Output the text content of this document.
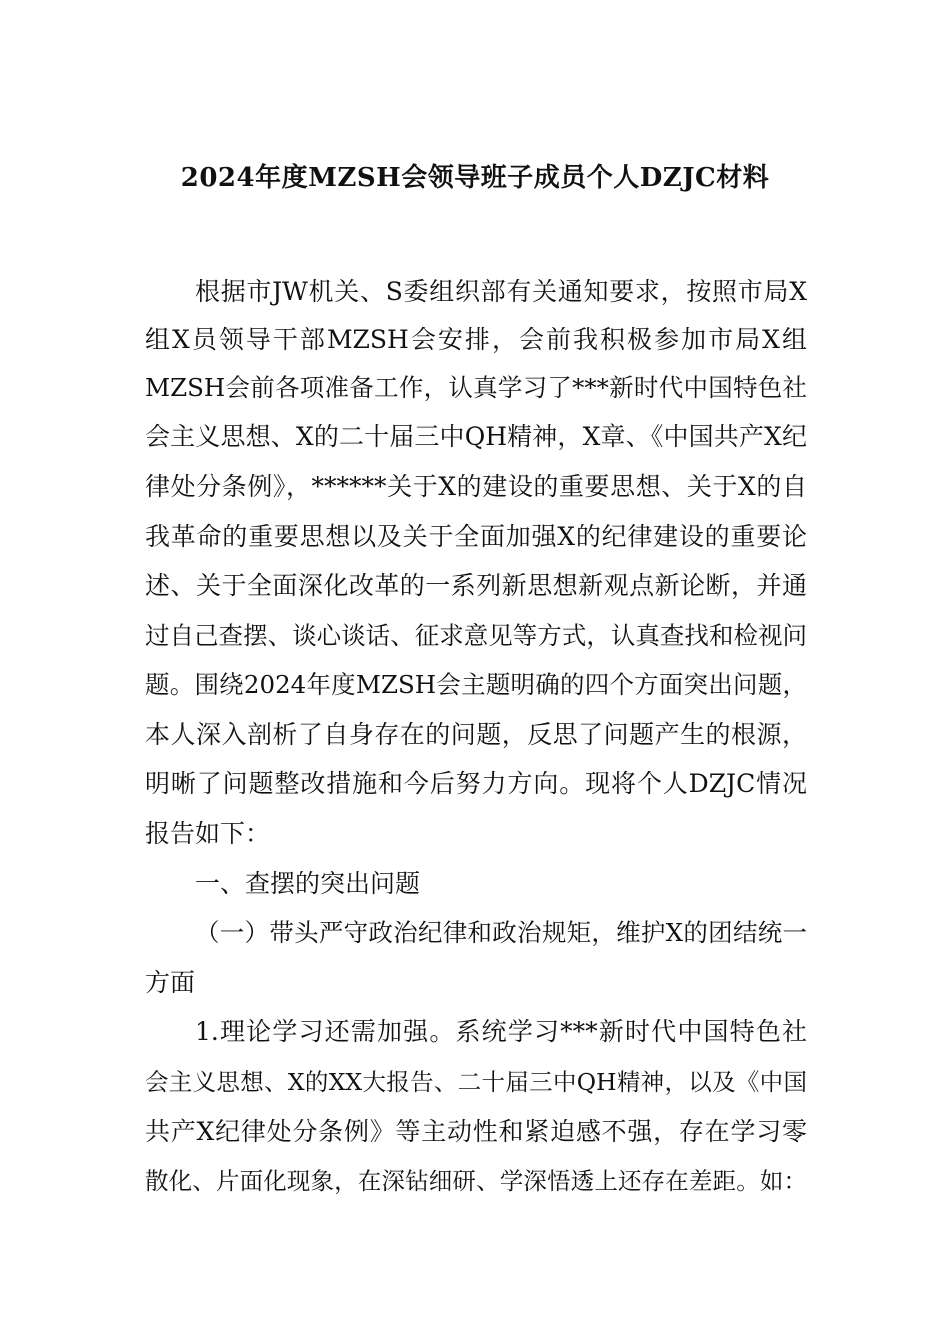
2024年度MZSH会领导班子成员个人DZJC材料
根据市JW机关、S委组织部有关通知要求，按照市局X
组X员领导干部MZSH会安排，会前我积极参加市局X组
MZSH会前各项准备工作，认真学习了***新时代中国特色社
会主义思想、X的二十届三中QH精神，X章、《中国共产X纪
律处分条例》，******关于X的建设的重要思想、关于X的自
我革命的重要思想以及关于全面加强X的纪律建设的重要论
述、关于全面深化改革的一系列新思想新观点新论断，并通
过自己查摆、谈心谈话、征求意见等方式，认真查找和检视问
题。围绕2024年度MZSH会主题明确的四个方面突出问题，
本人深入剖析了自身存在的问题，反思了问题产生的根源，
明晰了问题整改措施和今后努力方向。现将个人DZJC情况
报告如下：
一、查摆的突出问题
（一）带头严守政治纪律和政治规矩，维护X的团结统一
方面
1.理论学习还需加强。系统学习***新时代中国特色社
会主义思想、X的XX大报告、二十届三中QH精神，以及《中国
共产X纪律处分条例》等主动性和紧迫感不强，存在学习零
散化、片面化现象，在深钻细研、学深悟透上还存在差距。如：
